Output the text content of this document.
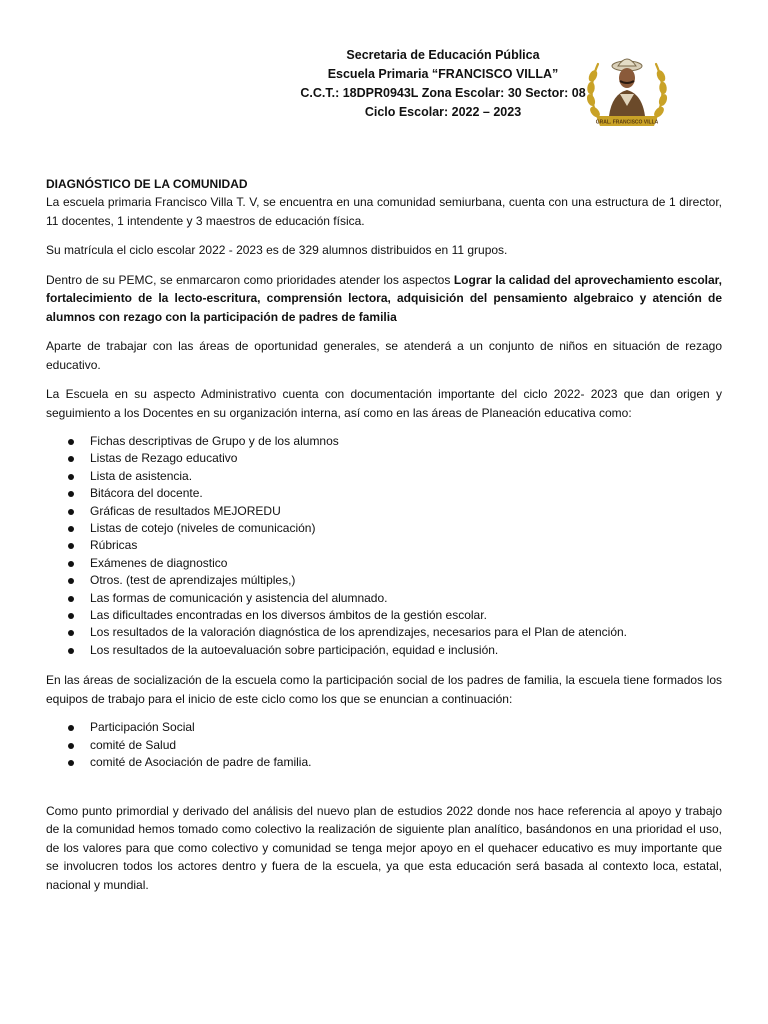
Secretaria de Educación Pública
Escuela Primaria “FRANCISCO VILLA”
C.C.T.: 18DPR0943L Zona Escolar: 30 Sector: 08
Ciclo Escolar: 2022 – 2023
GRAL. FRANCISCO VILLA
DIAGNÓSTICO DE LA COMUNIDAD

La escuela primaria Francisco Villa T. V, se encuentra en una comunidad semiurbana, cuenta con una estructura de 1 director, 11 docentes, 1 intendente y 3 maestros de educación física.

Su matrícula el ciclo escolar 2022 - 2023 es de 329 alumnos distribuidos en 11 grupos.

Dentro de su PEMC, se enmarcaron como prioridades atender los aspectos Lograr la calidad del aprovechamiento escolar, fortalecimiento de la lecto-escritura, comprensión lectora, adquisición del pensamiento algebraico y atención de alumnos con rezago con la participación de padres de familia

Aparte de trabajar con las áreas de oportunidad generales, se atenderá a un conjunto de niños en situación de rezago educativo.

La Escuela en su aspecto Administrativo cuenta con documentación importante del ciclo 2022- 2023 que dan origen y seguimiento a los Docentes en su organización interna, así como en las áreas de Planeación educativa como:

Fichas descriptivas de Grupo y de los alumnos
Listas de Rezago educativo
Lista de asistencia.
Bitácora del docente.
Gráficas de resultados MEJOREDU
Listas de cotejo (niveles de comunicación)
Rúbricas
Exámenes de diagnostico
Otros. (test de aprendizajes múltiples,)
Las formas de comunicación y asistencia del alumnado.
Las dificultades encontradas en los diversos ámbitos de la gestión escolar.
Los resultados de la valoración diagnóstica de los aprendizajes, necesarios para el Plan de atención.
Los resultados de la autoevaluación sobre participación, equidad e inclusión.

En las áreas de socialización de la escuela como la participación social de los padres de familia, la escuela tiene formados los equipos de trabajo para el inicio de este ciclo como los que se enuncian a continuación:

Participación Social
comité de Salud
comité de Asociación de padre de familia.

Como punto primordial y derivado del análisis del nuevo plan de estudios 2022 donde nos hace referencia al apoyo y trabajo de la comunidad hemos tomado como colectivo la realización de siguiente plan analítico, basándonos en una prioridad el uso, de los valores para que como colectivo y comunidad se tenga mejor apoyo en el quehacer educativo es muy importante que se involucren todos los actores dentro y fuera de la escuela, ya que esta educación será basada al contexto loca, estatal, nacional y mundial.
